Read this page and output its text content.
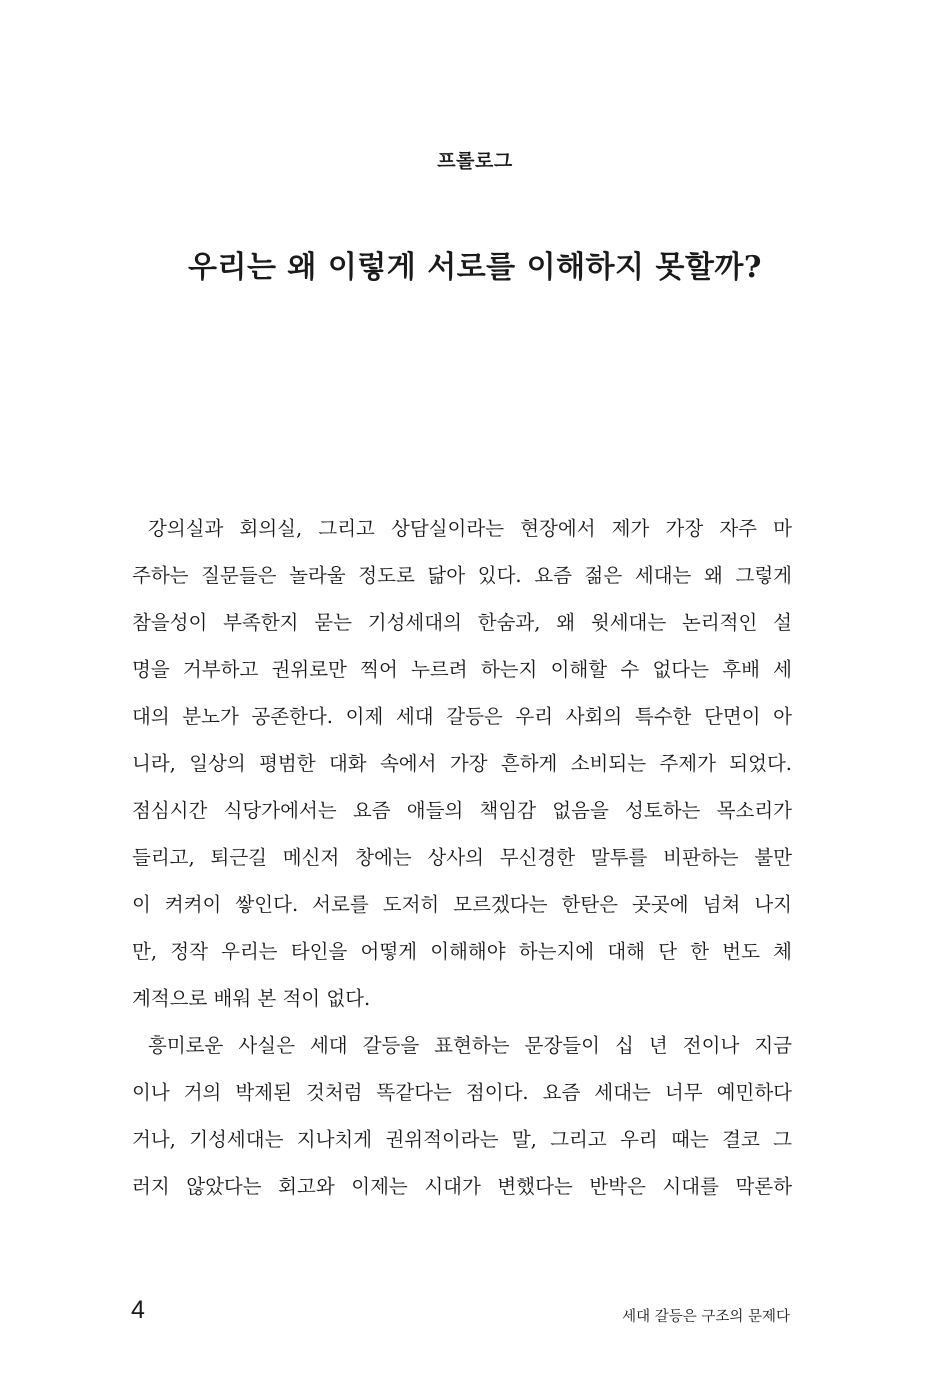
프롤로그
우리는 왜 이렇게 서로를 이해하지 못할까?
강의실과 회의실, 그리고 상담실이라는 현장에서 제가 가장 자주 마
주하는 질문들은 놀라울 정도로 닮아 있다. 요즘 젊은 세대는 왜 그렇게
참을성이 부족한지 묻는 기성세대의 한숨과, 왜 윗세대는 논리적인 설
명을 거부하고 권위로만 찍어 누르려 하는지 이해할 수 없다는 후배 세
대의 분노가 공존한다. 이제 세대 갈등은 우리 사회의 특수한 단면이 아
니라, 일상의 평범한 대화 속에서 가장 흔하게 소비되는 주제가 되었다.
점심시간 식당가에서는 요즘 애들의 책임감 없음을 성토하는 목소리가
들리고, 퇴근길 메신저 창에는 상사의 무신경한 말투를 비판하는 불만
이 켜켜이 쌓인다. 서로를 도저히 모르겠다는 한탄은 곳곳에 넘쳐 나지
만, 정작 우리는 타인을 어떻게 이해해야 하는지에 대해 단 한 번도 체
계적으로 배워 본 적이 없다.
흥미로운 사실은 세대 갈등을 표현하는 문장들이 십 년 전이나 지금
이나 거의 박제된 것처럼 똑같다는 점이다. 요즘 세대는 너무 예민하다
거나, 기성세대는 지나치게 권위적이라는 말, 그리고 우리 때는 결코 그
러지 않았다는 회고와 이제는 시대가 변했다는 반박은 시대를 막론하
4	세대 갈등은 구조의 문제다
